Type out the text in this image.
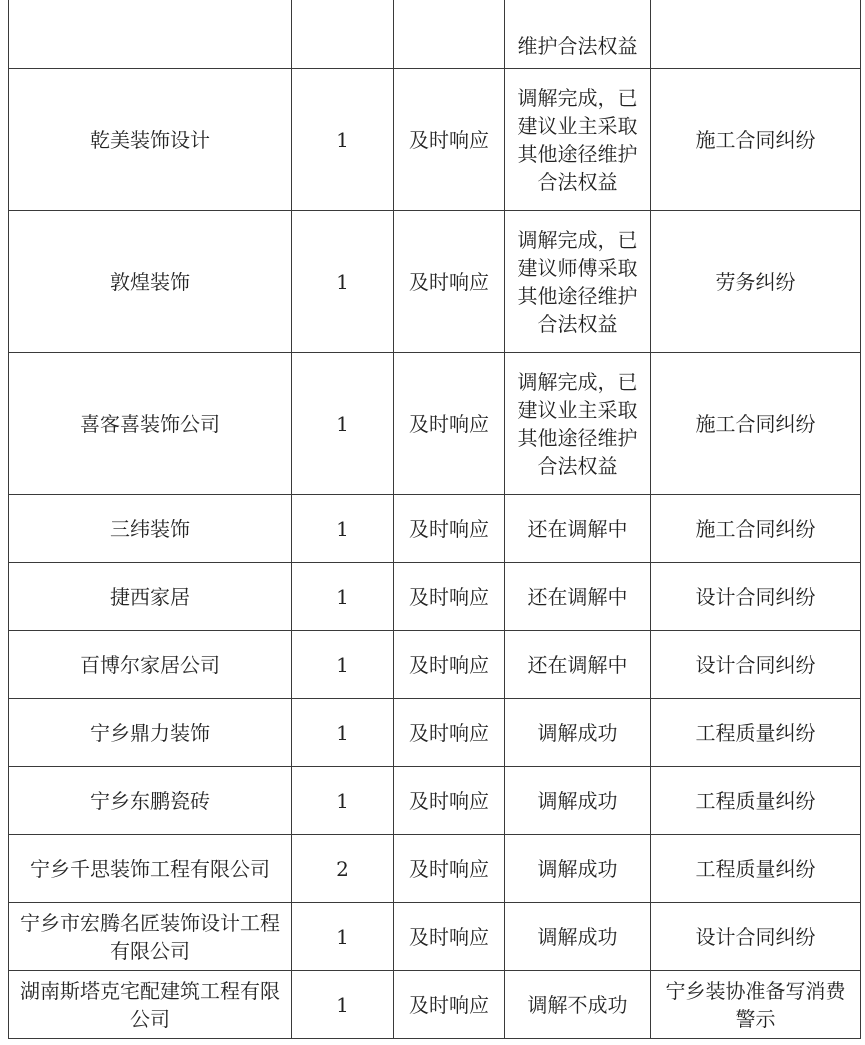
			维护合法权益	
乾美装饰设计	1	及时响应	调解完成，已建议业主采取其他途径维护合法权益	施工合同纠纷
敦煌装饰	1	及时响应	调解完成，已建议师傅采取其他途径维护合法权益	劳务纠纷
喜客喜装饰公司	1	及时响应	调解完成，已建议业主采取其他途径维护合法权益	施工合同纠纷
三纬装饰	1	及时响应	还在调解中	施工合同纠纷
捷西家居	1	及时响应	还在调解中	设计合同纠纷
百博尔家居公司	1	及时响应	还在调解中	设计合同纠纷
宁乡鼎力装饰	1	及时响应	调解成功	工程质量纠纷
宁乡东鹏瓷砖	1	及时响应	调解成功	工程质量纠纷
宁乡千思装饰工程有限公司	2	及时响应	调解成功	工程质量纠纷
宁乡市宏腾名匠装饰设计工程有限公司	1	及时响应	调解成功	设计合同纠纷
湖南斯塔克宅配建筑工程有限公司	1	及时响应	调解不成功	宁乡装协准备写消费警示
